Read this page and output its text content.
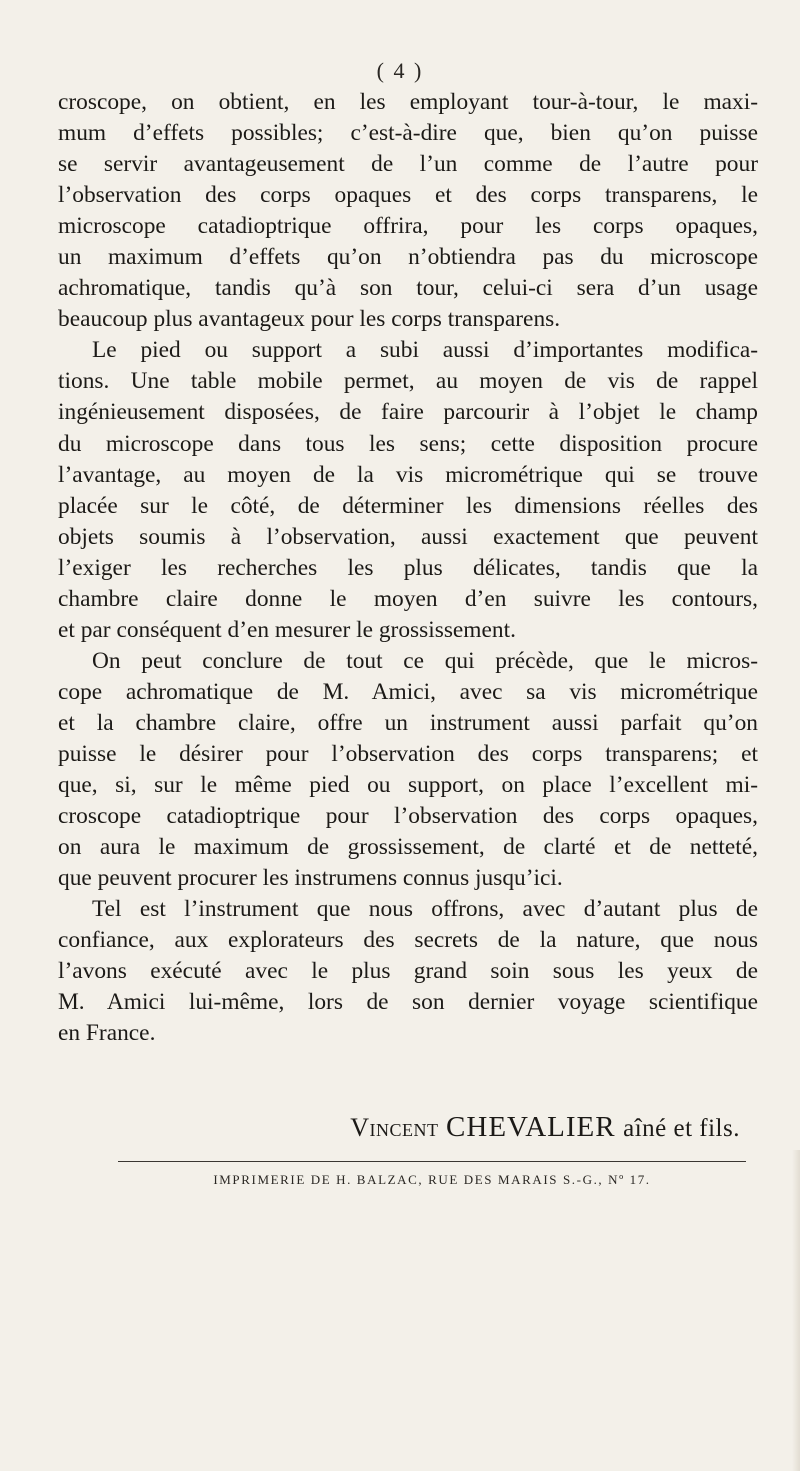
( 4 )
croscope, on obtient, en les employant tour-à-tour, le maxi-
mum d’effets possibles; c’est-à-dire que, bien qu’on puisse
se servir avantageusement de l’un comme de l’autre pour
l’observation des corps opaques et des corps transparens, le
microscope catadioptrique offrira, pour les corps opaques,
un maximum d’effets qu’on n’obtiendra pas du microscope
achromatique, tandis qu’à son tour, celui-ci sera d’un usage
beaucoup plus avantageux pour les corps transparens.
Le pied ou support a subi aussi d’importantes modifica-
tions. Une table mobile permet, au moyen de vis de rappel
ingénieusement disposées, de faire parcourir à l’objet le champ
du microscope dans tous les sens; cette disposition procure
l’avantage, au moyen de la vis micrométrique qui se trouve
placée sur le côté, de déterminer les dimensions réelles des
objets soumis à l’observation, aussi exactement que peuvent
l’exiger les recherches les plus délicates, tandis que la
chambre claire donne le moyen d’en suivre les contours,
et par conséquent d’en mesurer le grossissement.
On peut conclure de tout ce qui précède, que le micros-
cope achromatique de M. Amici, avec sa vis micrométrique
et la chambre claire, offre un instrument aussi parfait qu’on
puisse le désirer pour l’observation des corps transparens; et
que, si, sur le même pied ou support, on place l’excellent mi-
croscope catadioptrique pour l’observation des corps opaques,
on aura le maximum de grossissement, de clarté et de netteté,
que peuvent procurer les instrumens connus jusqu’ici.
Tel est l’instrument que nous offrons, avec d’autant plus de
confiance, aux explorateurs des secrets de la nature, que nous
l’avons exécuté avec le plus grand soin sous les yeux de
M. Amici lui-même, lors de son dernier voyage scientifique
en France.
Vincent CHEVALIER aîné et fils.
IMPRIMERIE DE H. BALZAC, RUE DES MARAIS S.-G., Nº 17.
